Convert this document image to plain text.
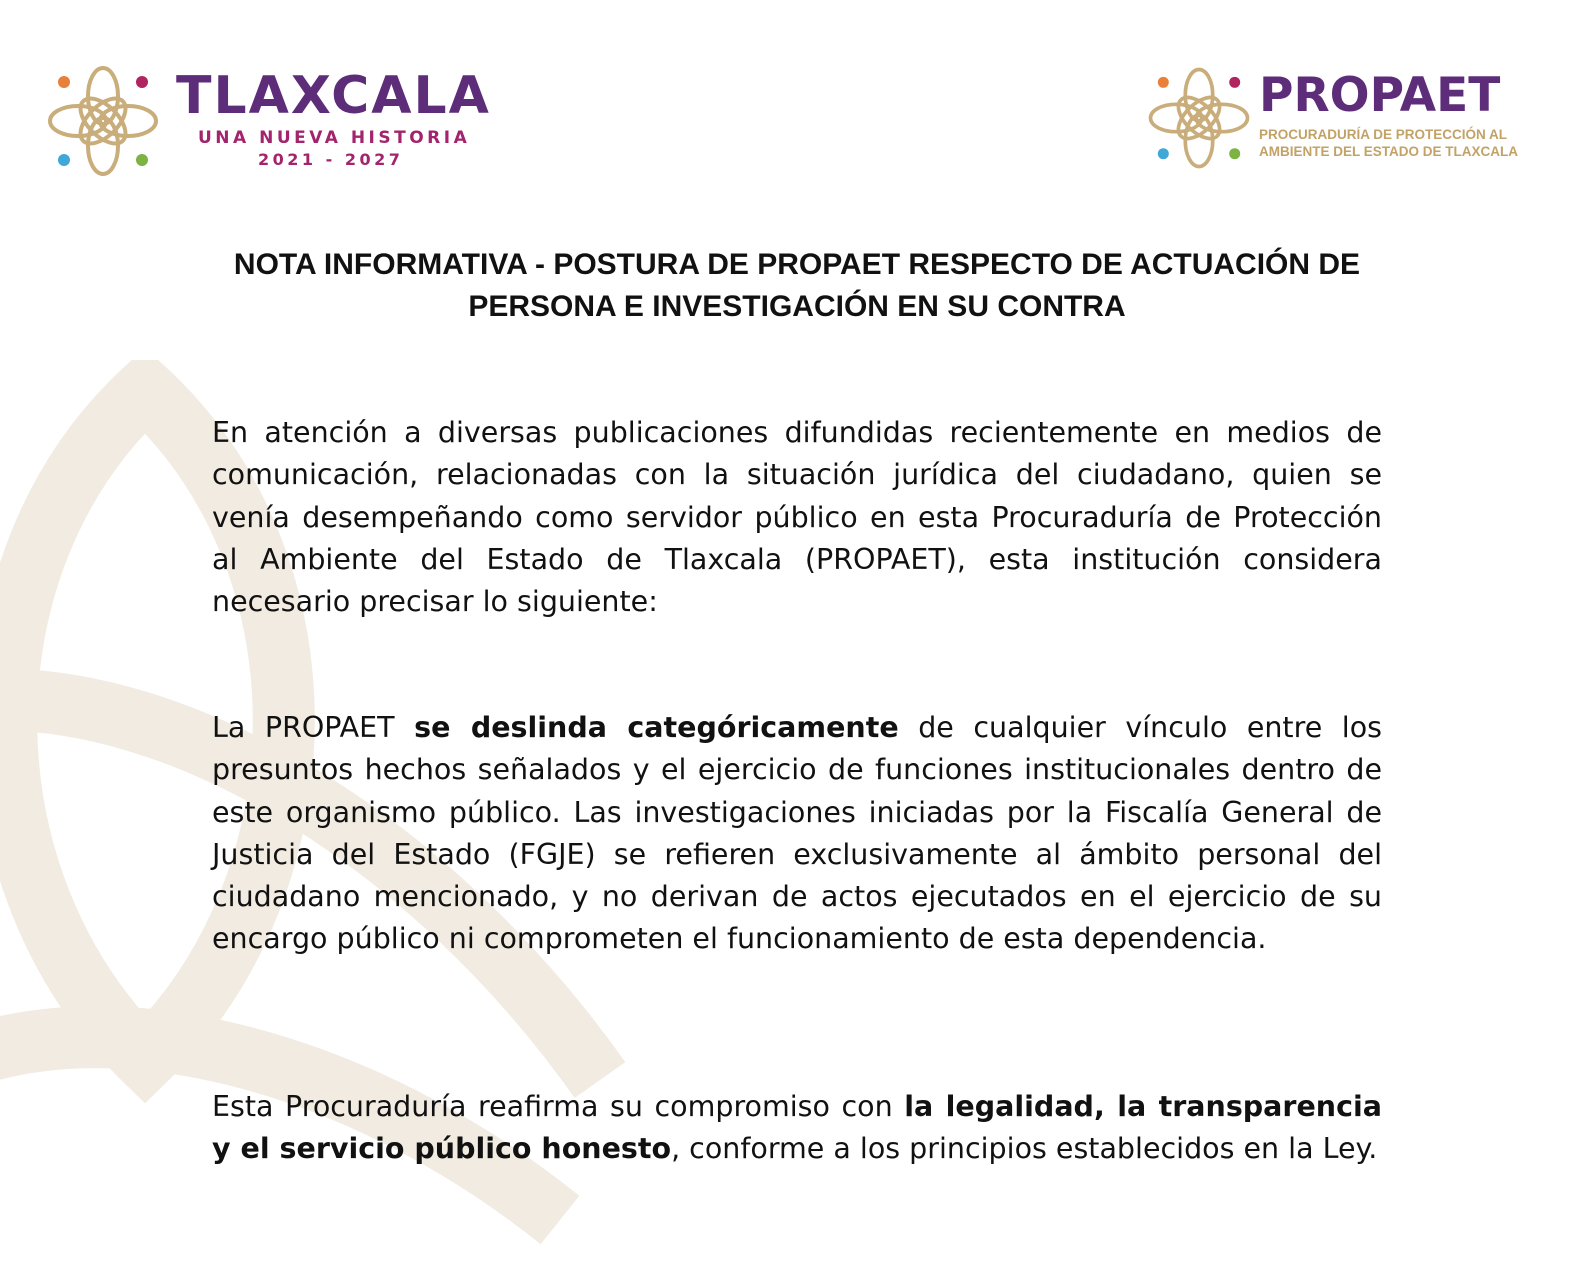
TLAXCALA
UNA NUEVA HISTORIA
2021 - 2027
PROPAET
PROCURADURÍA DE PROTECCIÓN AL
AMBIENTE DEL ESTADO DE TLAXCALA
NOTA INFORMATIVA - POSTURA DE PROPAET RESPECTO DE ACTUACIÓN DE
PERSONA E INVESTIGACIÓN EN SU CONTRA

En atención a diversas publicaciones difundidas recientemente en medios de comunicación, relacionadas con la situación jurídica del ciudadano, quien se venía desempeñando como servidor público en esta Procuraduría de Protección al Ambiente del Estado de Tlaxcala (PROPAET), esta institución considera necesario precisar lo siguiente:

La PROPAET se deslinda categóricamente de cualquier vínculo entre los presuntos hechos señalados y el ejercicio de funciones institucionales dentro de este organismo público. Las investigaciones iniciadas por la Fiscalía General de Justicia del Estado (FGJE) se refieren exclusivamente al ámbito personal del ciudadano mencionado, y no derivan de actos ejecutados en el ejercicio de su encargo público ni comprometen el funcionamiento de esta dependencia.

Esta Procuraduría reafirma su compromiso con la legalidad, la transparencia y el servicio público honesto, conforme a los principios establecidos en la Ley.
